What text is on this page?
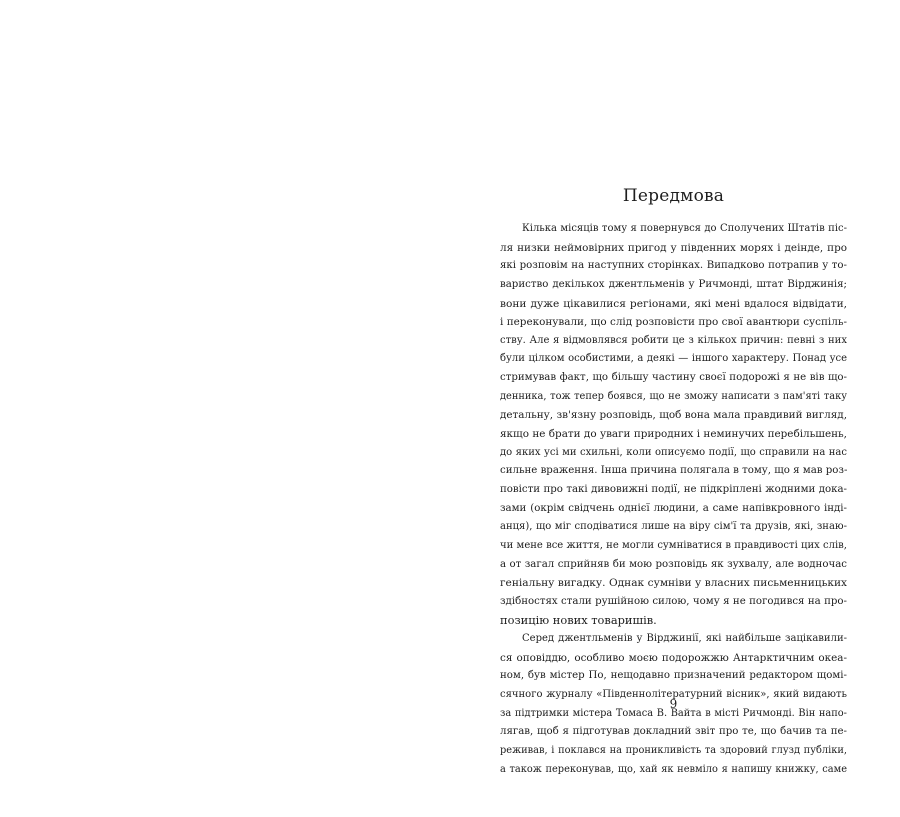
Передмова
Кілька місяців тому я повернувся до Сполучених Штатів піс-
ля низки неймовірних пригод у південних морях і деінде, про
які розповім на наступних сторінках. Випадково потрапив у то-
вариство декількох джентльменів у Ричмонді, штат Вірджинія;
вони дуже цікавилися регіонами, які мені вдалося відвідати,
і переконували, що слід розповісти про свої авантюри суспіль-
ству. Але я відмовлявся робити це з кількох причин: певні з них
були цілком особистими, а деякі — іншого характеру. Понад усе
стримував факт, що більшу частину своєї подорожі я не вів що-
денника, тож тепер боявся, що не зможу написати з пам'яті таку
детальну, зв'язну розповідь, щоб вона мала правдивий вигляд,
якщо не брати до уваги природних і неминучих перебільшень,
до яких усі ми схильні, коли описуємо події, що справили на нас
сильне враження. Інша причина полягала в тому, що я мав роз-
повісти про такі дивовижні події, не підкріплені жодними дока-
зами (окрім свідчень однієї людини, а саме напівкровного інді-
анця), що міг сподіватися лише на віру сім'ї та друзів, які, знаю-
чи мене все життя, не могли сумніватися в правдивості цих слів,
а от загал сприйняв би мою розповідь як зухвалу, але водночас
геніальну вигадку. Однак сумніви у власних письменницьких
здібностях стали рушійною силою, чому я не погодився на про-
позицію нових товаришів.
Серед джентльменів у Вірджинії, які найбільше зацікавили-
ся оповіддю, особливо моєю подорожжю Антарктичним океа-
ном, був містер По, нещодавно призначений редактором щомі-
сячного журналу «Південнолітературний вісник», який видають
за підтримки містера Томаса В. Вайта в місті Ричмонді. Він напо-
лягав, щоб я підготував докладний звіт про те, що бачив та пе-
реживав, і поклався на проникливість та здоровий глузд публіки,
а також переконував, що, хай як невміло я напишу книжку, саме
9
